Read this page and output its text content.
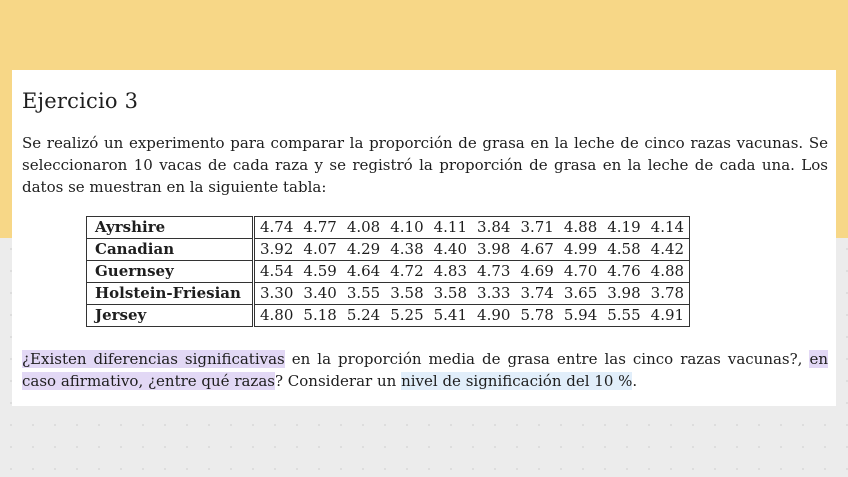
Ejercicio 3

Se realizó un experimento para comparar la proporción de grasa en la leche de cinco razas vacunas. Se seleccionaron 10 vacas de cada raza y se registró la proporción de grasa en la leche de cada una. Los datos se muestran en la siguiente tabla:

Ayrshire	4.74	4.77	4.08	4.10	4.11	3.84	3.71	4.88	4.19	4.14
Canadian	3.92	4.07	4.29	4.38	4.40	3.98	4.67	4.99	4.58	4.42
Guernsey	4.54	4.59	4.64	4.72	4.83	4.73	4.69	4.70	4.76	4.88
Holstein-Friesian	3.30	3.40	3.55	3.58	3.58	3.33	3.74	3.65	3.98	3.78
Jersey	4.80	5.18	5.24	5.25	5.41	4.90	5.78	5.94	5.55	4.91

¿Existen diferencias significativas en la proporción media de grasa entre las cinco razas vacunas?, en caso afirmativo, ¿entre qué razas? Considerar un nivel de significación del 10 %.
